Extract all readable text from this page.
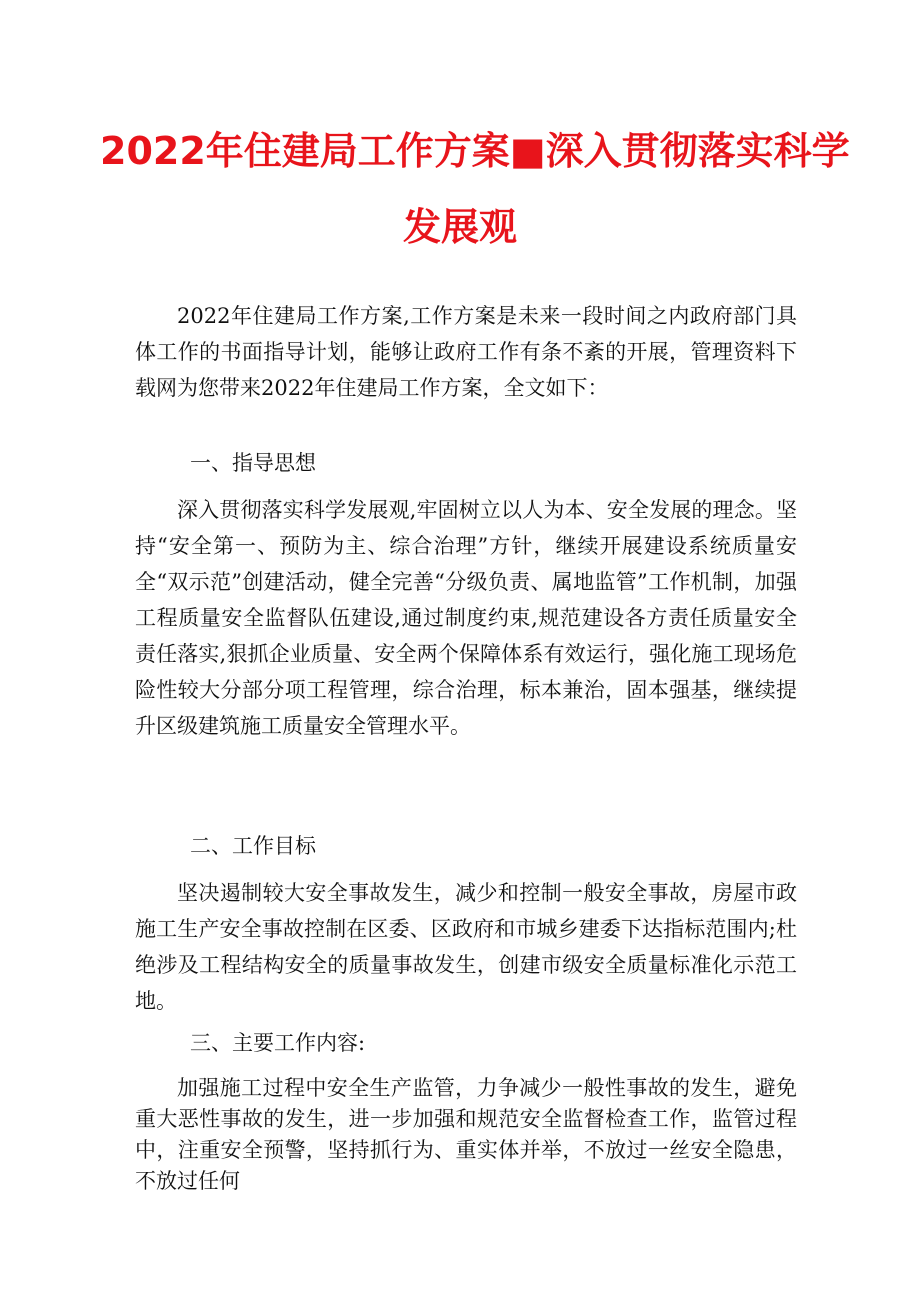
2022年住建局工作方案■深入贯彻落实科学
发展观

2022年住建局工作方案,工作方案是未来一段时间之内政府部门具体工作的书面指导计划，能够让政府工作有条不紊的开展，管理资料下载网为您带来2022年住建局工作方案，全文如下：

一、指导思想

深入贯彻落实科学发展观,牢固树立以人为本、安全发展的理念。坚持“安全第一、预防为主、综合治理”方针，继续开展建设系统质量安全“双示范”创建活动，健全完善“分级负责、属地监管”工作机制，加强工程质量安全监督队伍建设,通过制度约束,规范建设各方责任质量安全责任落实,狠抓企业质量、安全两个保障体系有效运行，强化施工现场危险性较大分部分项工程管理，综合治理，标本兼治，固本强基，继续提升区级建筑施工质量安全管理水平。

二、工作目标

坚决遏制较大安全事故发生，减少和控制一般安全事故，房屋市政施工生产安全事故控制在区委、区政府和市城乡建委下达指标范围内;杜绝涉及工程结构安全的质量事故发生，创建市级安全质量标准化示范工地。

三、主要工作内容:

加强施工过程中安全生产监管，力争减少一般性事故的发生，避免重大恶性事故的发生，进一步加强和规范安全监督检查工作，监管过程中，注重安全预警，坚持抓行为、重实体并举，不放过一丝安全隐患，不放过任何
